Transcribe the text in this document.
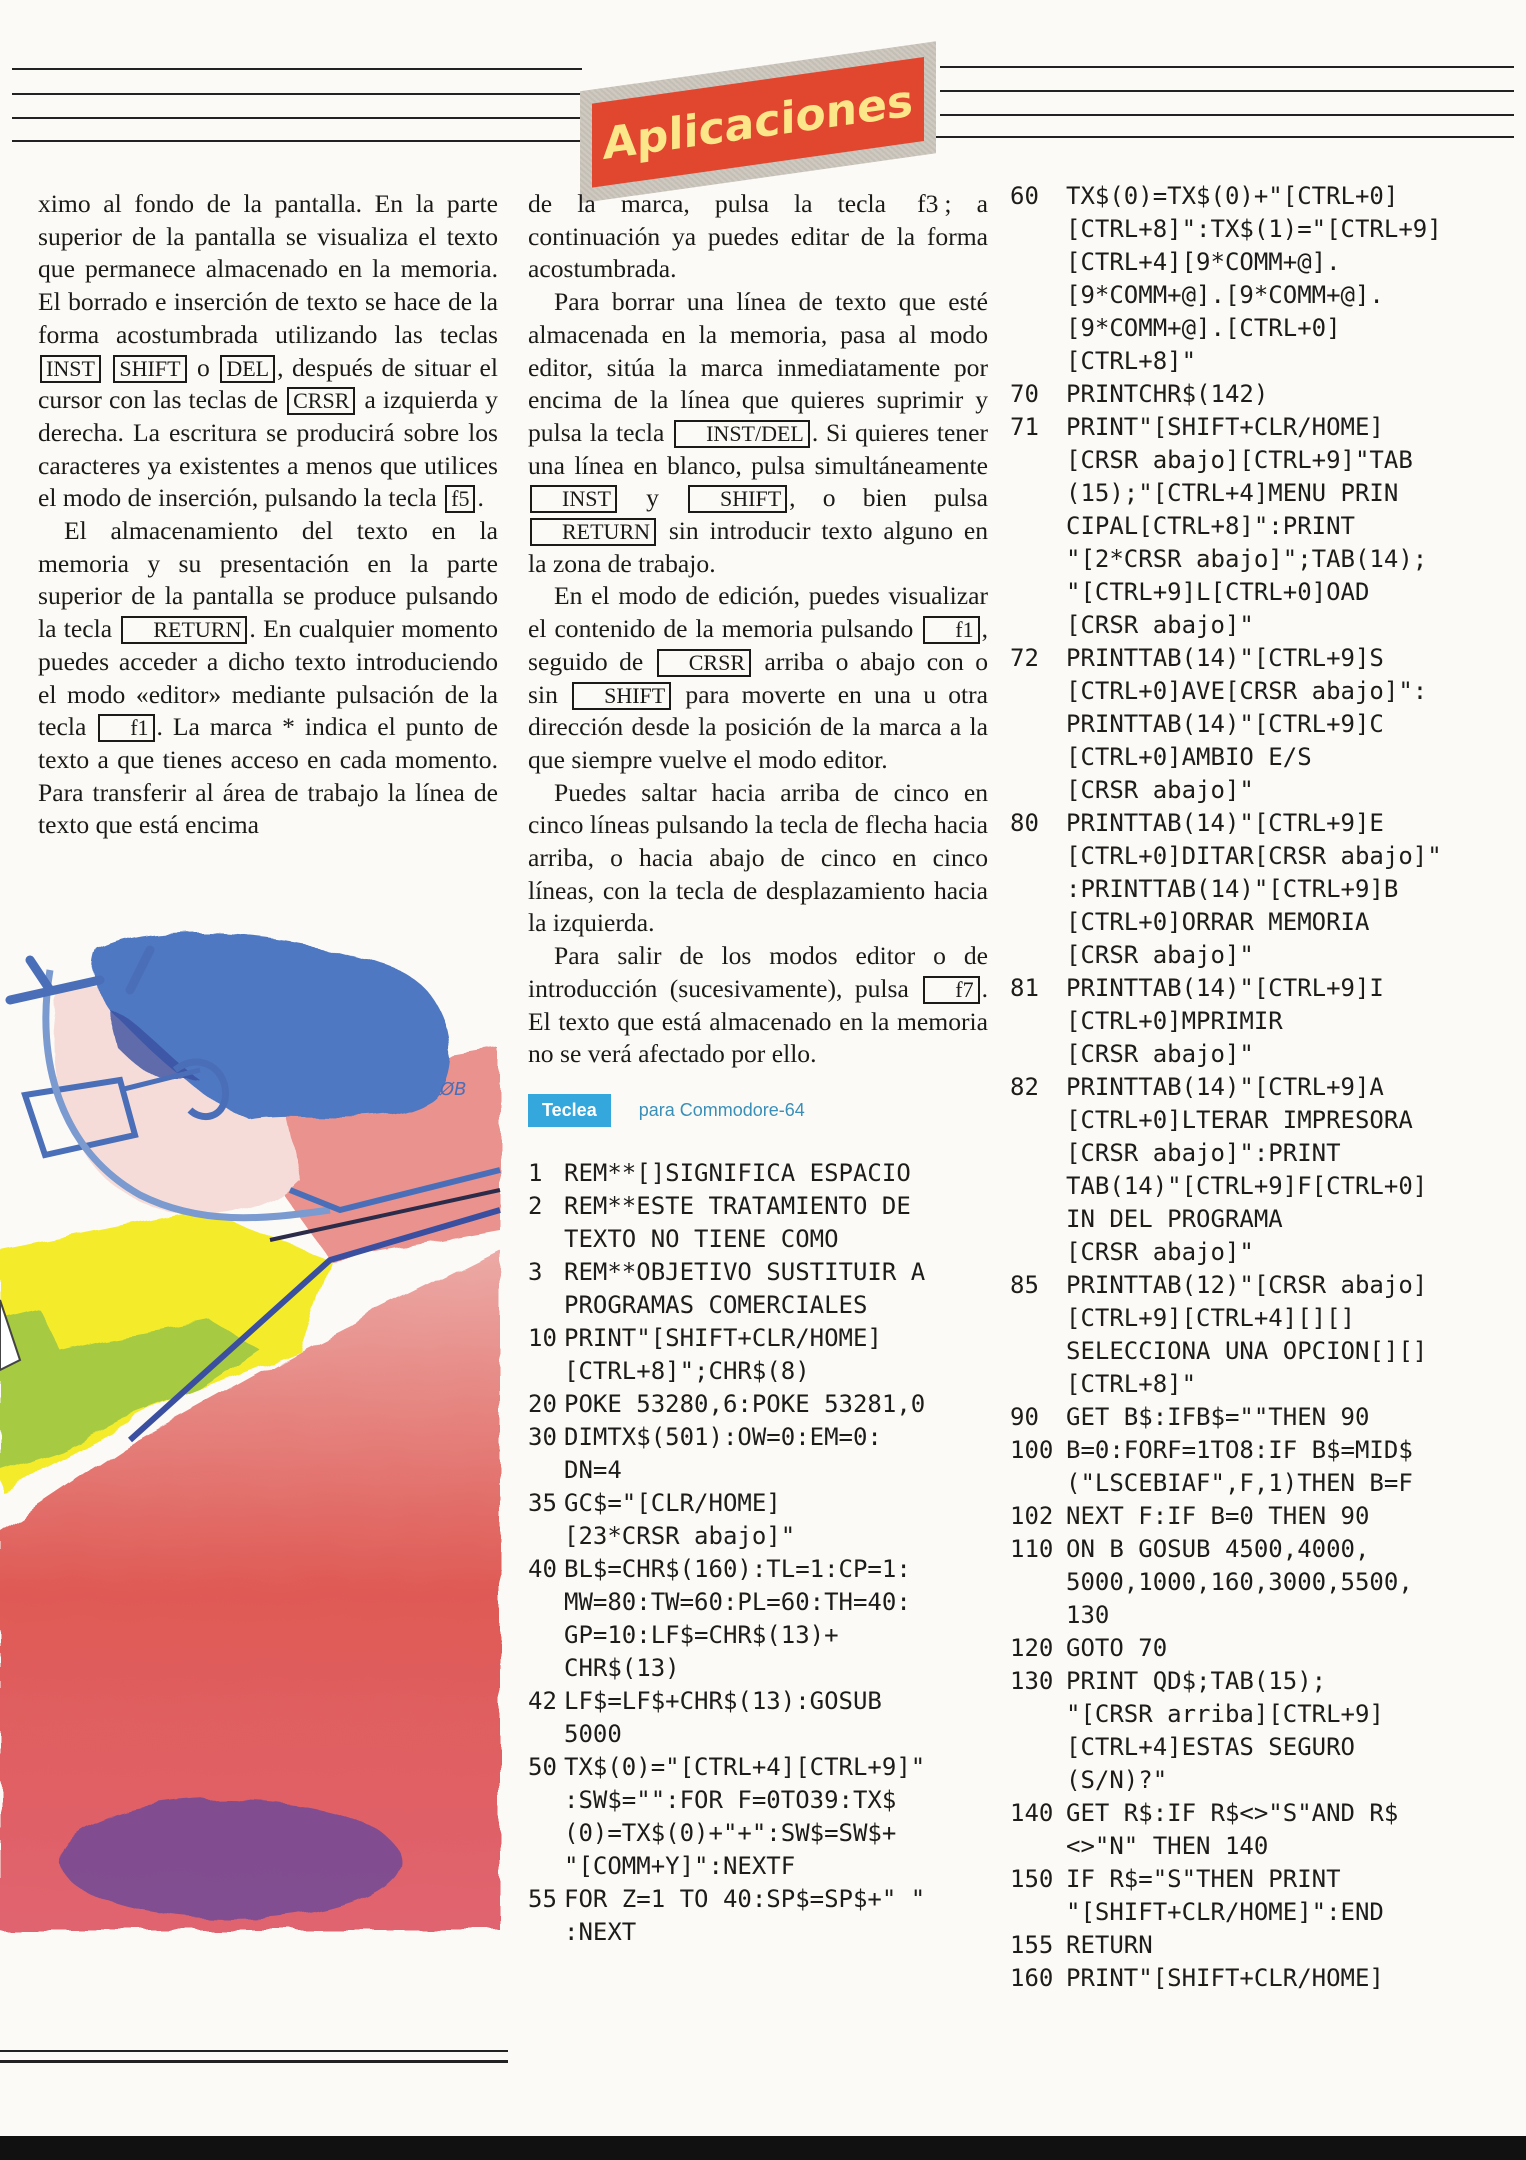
Aplicaciones

ximo al fondo de la pantalla. En la parte superior de la pantalla se visualiza el texto que permanece almacenado en la memoria. El borrado e inserción de texto se hace de la forma acostumbrada utilizando las teclas INST SHIFT o DEL , después de situar el cursor con las teclas de CRSR a izquierda y derecha. La escritura se producirá sobre los caracteres ya existentes a menos que utilices el modo de inserción, pulsando la tecla f5 .

El almacenamiento del texto en la memoria y su presentación en la parte superior de la pantalla se produce pulsando la tecla RETURN . En cualquier momento puedes acceder a dicho texto introduciendo el modo «editor» mediante pulsación de la tecla f1 . La marca * indica el punto de texto a que tienes acceso en cada momento. Para transferir al área de trabajo la línea de texto que está encima

ØB

de la marca, pulsa la tecla f3 ; a continuación ya puedes editar de la forma acostumbrada.

Para borrar una línea de texto que esté almacenada en la memoria, pasa al modo editor, sitúa la marca inmediatamente por encima de la línea que quieres suprimir y pulsa la tecla INST/DEL . Si quieres tener una línea en blanco, pulsa simultáneamente INST y SHIFT , o bien pulsa RETURN sin introducir texto alguno en la zona de trabajo.

En el modo de edición, puedes visualizar el contenido de la memoria pulsando f1 , seguido de CRSR arriba o abajo con o sin SHIFT para moverte en una u otra dirección desde la posición de la marca a la que siempre vuelve el modo editor.

Puedes saltar hacia arriba de cinco en cinco líneas pulsando la tecla de flecha hacia arriba, o hacia abajo de cinco en cinco líneas, con la tecla de desplazamiento hacia la izquierda.

Para salir de los modos editor o de introducción (sucesivamente), pulsa f7 . El texto que está almacenado en la memoria no se verá afectado por ello.

Teclea	para Commodore-64
1 REM**[]SIGNIFICA ESPACIO
2 REM**ESTE TRATAMIENTO DE
TEXTO NO TIENE COMO
3 REM**OBJETIVO SUSTITUIR A
PROGRAMAS COMERCIALES
10 PRINT"[SHIFT+CLR/HOME]
[CTRL+8]";CHR$(8)
20 POKE 53280,6:POKE 53281,0
30 DIMTX$(501):OW=0:EM=0:
DN=4
35 GC$="[CLR/HOME]
[23*CRSR abajo]"
40 BL$=CHR$(160):TL=1:CP=1:
MW=80:TW=60:PL=60:TH=40:
GP=10:LF$=CHR$(13)+
CHR$(13)
42 LF$=LF$+CHR$(13):GOSUB
5000
50 TX$(0)="[CTRL+4][CTRL+9]"
:SW$="":FOR F=0TO39:TX$
(0)=TX$(0)+"+":SW$=SW$+
"[COMM+Y]":NEXTF
55 FOR Z=1 TO 40:SP$=SP$+" "
:NEXT
60	TX$(0)=TX$(0)+"[CTRL+0]
[CTRL+8]":TX$(1)="[CTRL+9]
[CTRL+4][9*COMM+@].
[9*COMM+@].[9*COMM+@].
[9*COMM+@].[CTRL+0]
[CTRL+8]"
70	PRINTCHR$(142)
71	PRINT"[SHIFT+CLR/HOME]
[CRSR abajo][CTRL+9]"TAB
(15);"[CTRL+4]MENU PRIN
CIPAL[CTRL+8]":PRINT
"[2*CRSR abajo]";TAB(14);
"[CTRL+9]L[CTRL+0]OAD
[CRSR abajo]"
72	PRINTTAB(14)"[CTRL+9]S
[CTRL+0]AVE[CRSR abajo]":
PRINTTAB(14)"[CTRL+9]C
[CTRL+0]AMBIO E/S
[CRSR abajo]"
80	PRINTTAB(14)"[CTRL+9]E
[CTRL+0]DITAR[CRSR abajo]"
:PRINTTAB(14)"[CTRL+9]B
[CTRL+0]ORRAR MEMORIA
[CRSR abajo]"
81	PRINTTAB(14)"[CTRL+9]I
[CTRL+0]MPRIMIR
[CRSR abajo]"
82	PRINTTAB(14)"[CTRL+9]A
[CTRL+0]LTERAR IMPRESORA
[CRSR abajo]":PRINT
TAB(14)"[CTRL+9]F[CTRL+0]
IN DEL PROGRAMA
[CRSR abajo]"
85	PRINTTAB(12)"[CRSR abajo]
[CTRL+9][CTRL+4][][]
SELECCIONA UNA OPCION[][]
[CTRL+8]"
90	GET B$:IFB$=""THEN 90
100 B=0:FORF=1TO8:IF B$=MID$
("LSCEBIAF",F,1)THEN B=F
102 NEXT F:IF B=0 THEN 90
110 ON B GOSUB 4500,4000,
5000,1000,160,3000,5500,
130
120 GOTO 70
130 PRINT QD$;TAB(15);
"[CRSR arriba][CTRL+9]
[CTRL+4]ESTAS SEGURO
(S/N)?"
140 GET R$:IF R$<>"S"AND R$
<>"N" THEN 140
150 IF R$="S"THEN PRINT
"[SHIFT+CLR/HOME]":END
155 RETURN
160 PRINT"[SHIFT+CLR/HOME]
